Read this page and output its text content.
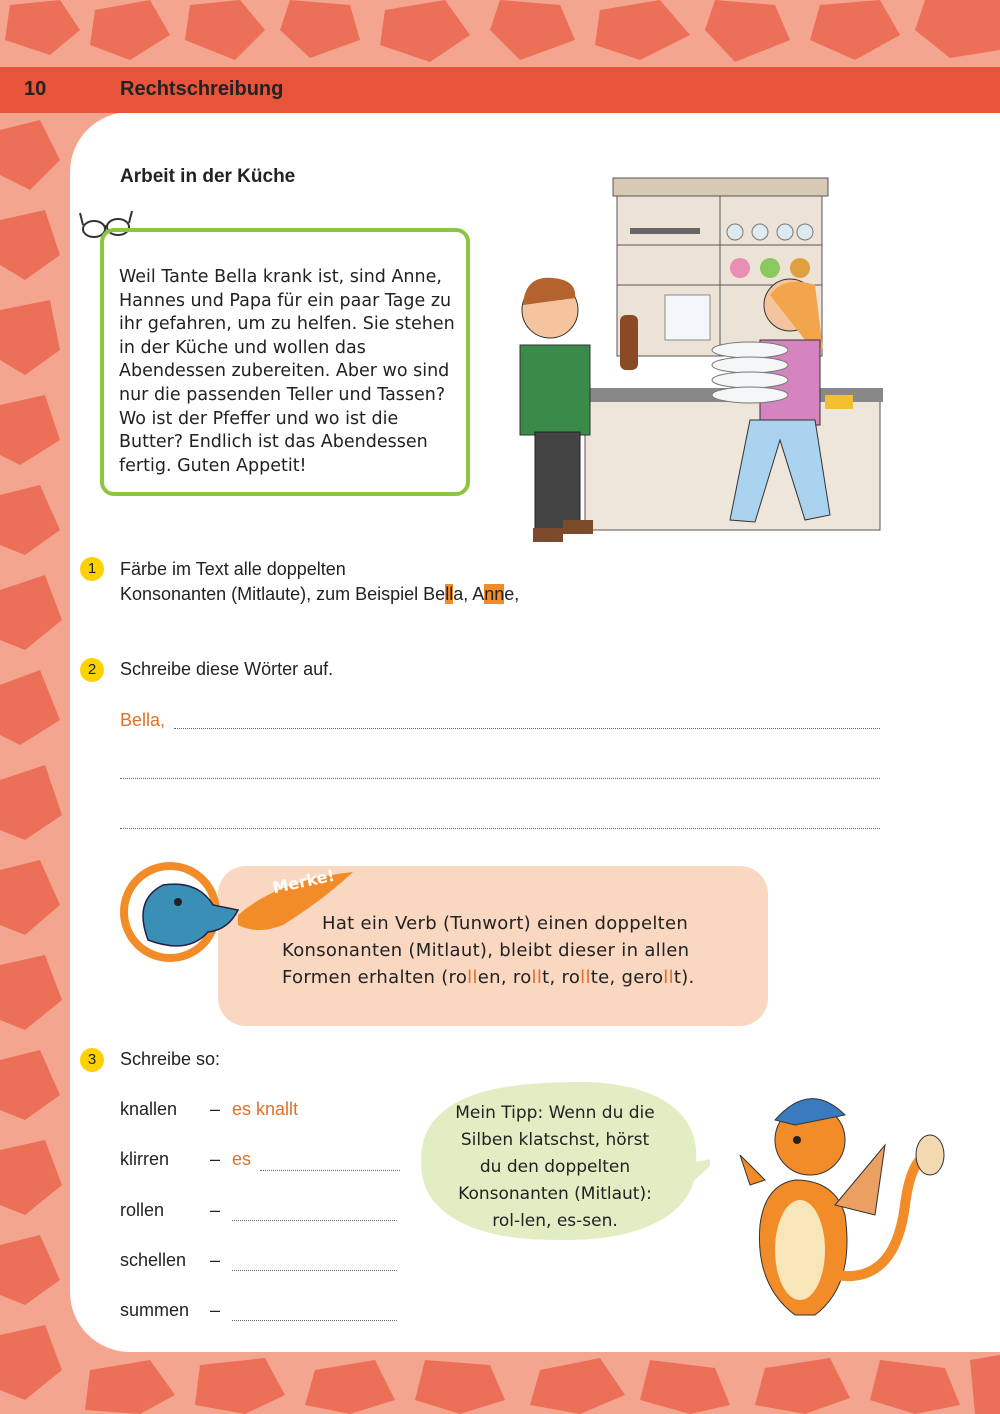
10	Rechtschreibung
Arbeit in der Küche
Weil Tante Bella krank ist, sind Anne, Hannes und Papa für ein paar Tage zu ihr gefahren, um zu helfen. Sie stehen in der Küche und wollen das Abendessen zubereiten. Aber wo sind nur die passenden Teller und Tassen? Wo ist der Pfeffer und wo ist die Butter? Endlich ist das Abendessen fertig. Guten Appetit!
1	Färbe im Text alle doppelten
Konsonanten (Mitlaute), zum Beispiel Bella, Anne,
2	Schreibe diese Wörter auf.
Bella,
Merke!
Hat ein Verb (Tunwort) einen doppelten
Konsonanten (Mitlaut), bleibt dieser in allen
Formen erhalten (rollen, rollt, rollte, gerollt).
3	Schreibe so:
knallen – es knallt
klirren – es
rollen	–
schellen –
summen –
Mein Tipp: Wenn du die
Silben klatschst, hörst
du den doppelten
Konsonanten (Mitlaut):
rol-len, es-sen.
